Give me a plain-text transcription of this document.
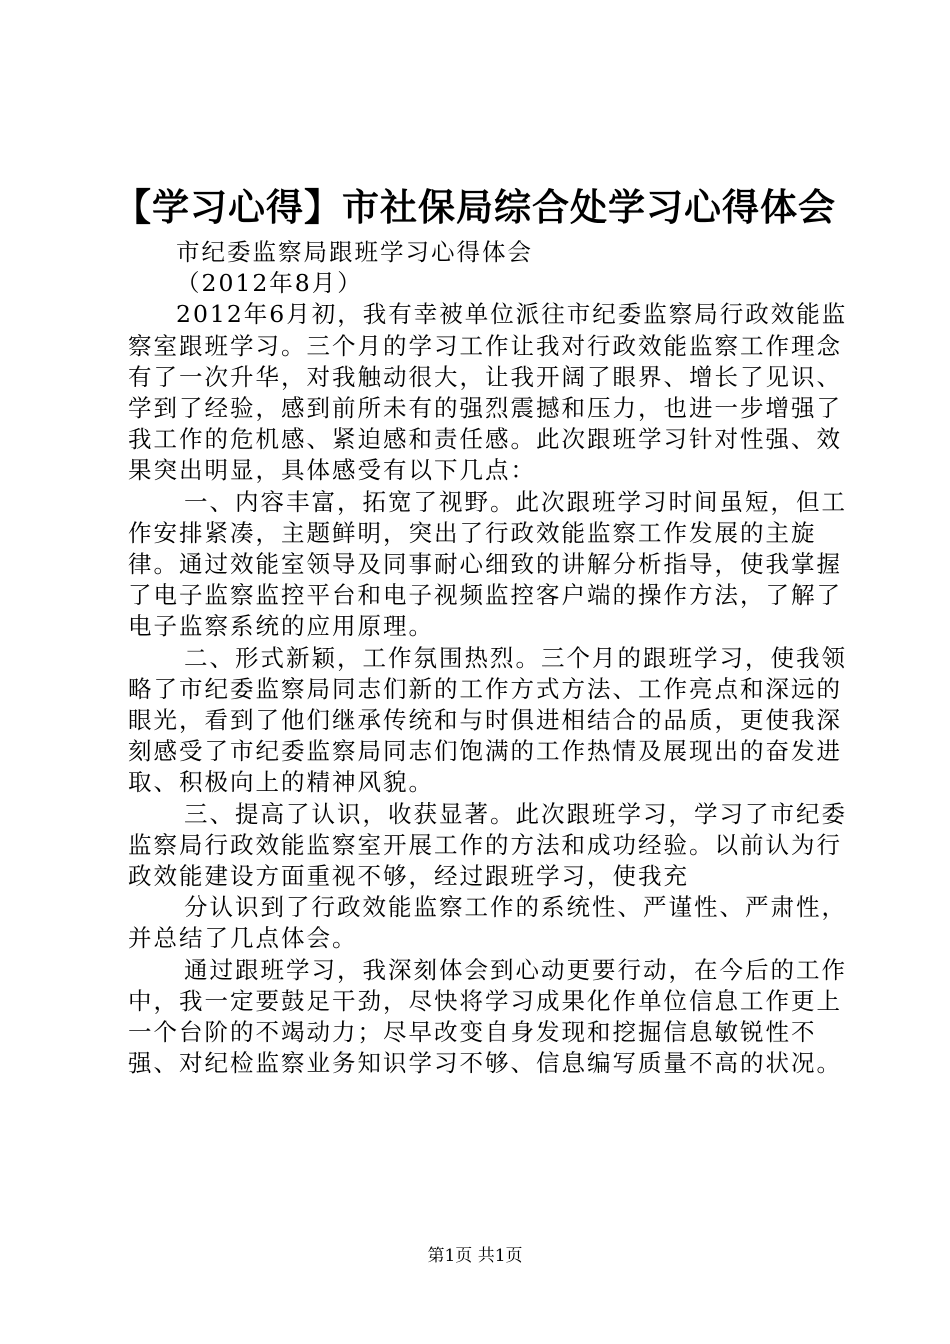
【学习心得】市社保局综合处学习心得体会

市纪委监察局跟班学习心得体会

（2012年8月）

2012年6月初，我有幸被单位派往市纪委监察局行政效能监察室跟班学习。三个月的学习工作让我对行政效能监察工作理念有了一次升华，对我触动很大，让我开阔了眼界、增长了见识、学到了经验，感到前所未有的强烈震撼和压力，也进一步增强了我工作的危机感、紧迫感和责任感。此次跟班学习针对性强、效果突出明显，具体感受有以下几点：

一、内容丰富，拓宽了视野。此次跟班学习时间虽短，但工作安排紧凑，主题鲜明，突出了行政效能监察工作发展的主旋律。通过效能室领导及同事耐心细致的讲解分析指导，使我掌握了电子监察监控平台和电子视频监控客户端的操作方法，了解了电子监察系统的应用原理。

二、形式新颖，工作氛围热烈。三个月的跟班学习，使我领略了市纪委监察局同志们新的工作方式方法、工作亮点和深远的眼光，看到了他们继承传统和与时俱进相结合的品质，更使我深刻感受了市纪委监察局同志们饱满的工作热情及展现出的奋发进取、积极向上的精神风貌。

三、提高了认识，收获显著。此次跟班学习，学习了市纪委监察局行政效能监察室开展工作的方法和成功经验。以前认为行政效能建设方面重视不够，经过跟班学习，使我充

分认识到了行政效能监察工作的系统性、严谨性、严肃性，并总结了几点体会。

通过跟班学习，我深刻体会到心动更要行动，在今后的工作中，我一定要鼓足干劲，尽快将学习成果化作单位信息工作更上一个台阶的不竭动力；尽早改变自身发现和挖掘信息敏锐性不强、对纪检监察业务知识学习不够、信息编写质量不高的状况。

第1页 共1页
